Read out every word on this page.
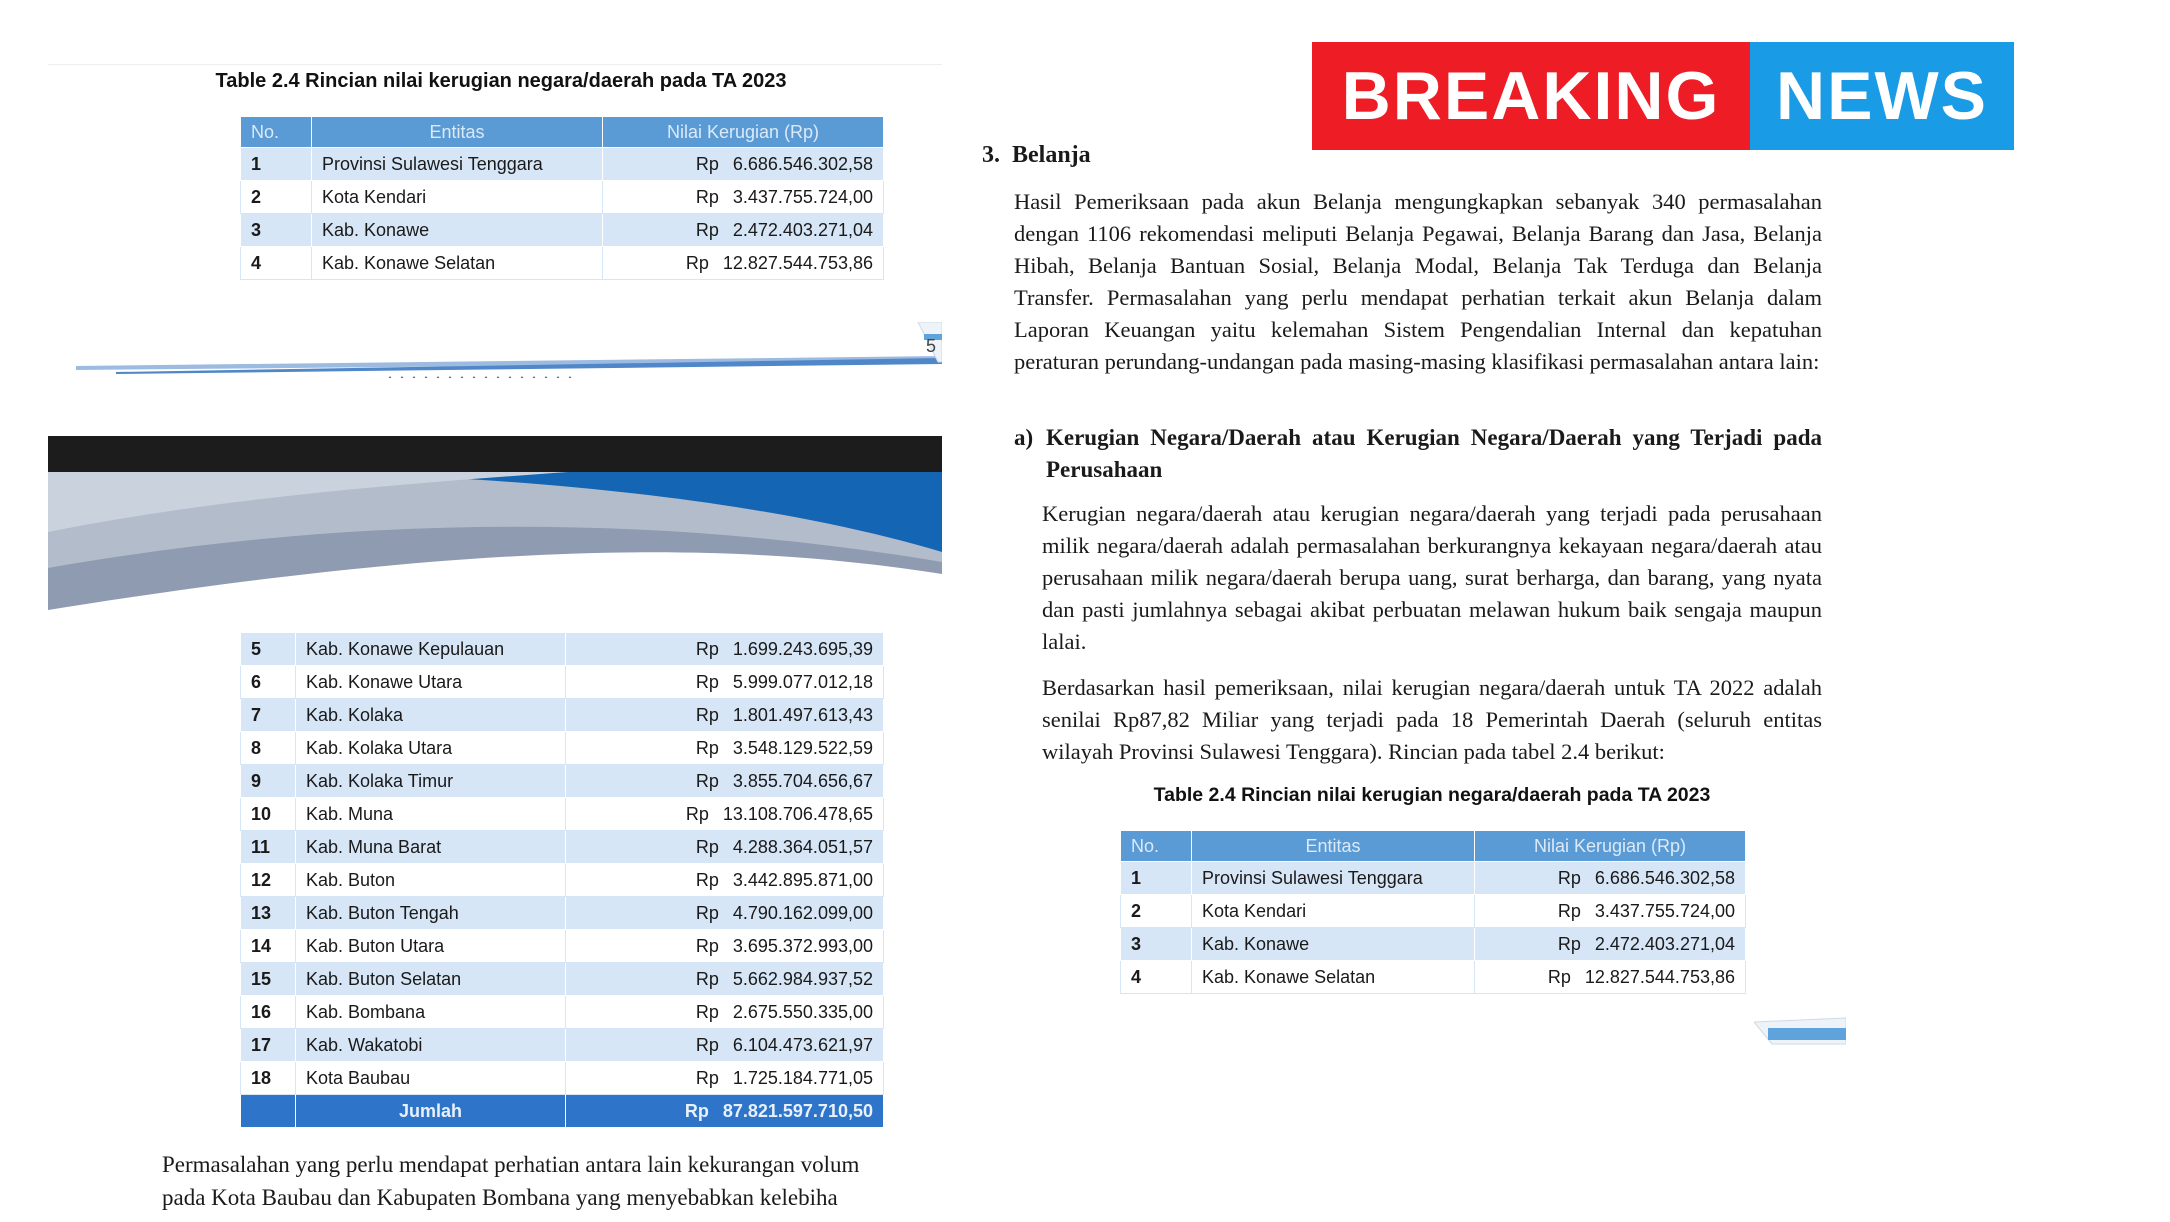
Table 2.4 Rincian nilai kerugian negara/daerah pada TA 2023
No.	Entitas	Nilai Kerugian (Rp)
1	Provinsi Sulawesi Tenggara	Rp 6.686.546.302,58
2	Kota Kendari	Rp 3.437.755.724,00
3	Kab. Konawe	Rp 2.472.403.271,04
4	Kab. Konawe Selatan	Rp 12.827.544.753,86
5
5	Kab. Konawe Kepulauan	Rp 1.699.243.695,39
6	Kab. Konawe Utara	Rp 5.999.077.012,18
7	Kab. Kolaka	Rp 1.801.497.613,43
8	Kab. Kolaka Utara	Rp 3.548.129.522,59
9	Kab. Kolaka Timur	Rp 3.855.704.656,67
10	Kab. Muna	Rp 13.108.706.478,65
11	Kab. Muna Barat	Rp 4.288.364.051,57
12	Kab. Buton	Rp 3.442.895.871,00
13	Kab. Buton Tengah	Rp 4.790.162.099,00
14	Kab. Buton Utara	Rp 3.695.372.993,00
15	Kab. Buton Selatan	Rp 5.662.984.937,52
16	Kab. Bombana	Rp 2.675.550.335,00
17	Kab. Wakatobi	Rp 6.104.473.621,97
18	Kota Baubau	Rp 1.725.184.771,05
	Jumlah	Rp 87.821.597.710,50
Permasalahan yang perlu mendapat perhatian antara lain kekurangan volum
pada Kota Baubau dan Kabupaten Bombana yang menyebabkan kelebiha
BREAKING NEWS
3. Belanja

Hasil Pemeriksaan pada akun Belanja mengungkapkan sebanyak 340 permasalahan dengan 1106 rekomendasi meliputi Belanja Pegawai, Belanja Barang dan Jasa, Belanja Hibah, Belanja Bantuan Sosial, Belanja Modal, Belanja Tak Terduga dan Belanja Transfer. Permasalahan yang perlu mendapat perhatian terkait akun Belanja dalam Laporan Keuangan yaitu kelemahan Sistem Pengendalian Internal dan kepatuhan peraturan perundang-undangan pada masing-masing klasifikasi permasalahan antara lain:

a) Kerugian Negara/Daerah atau Kerugian Negara/Daerah yang Terjadi pada Perusahaan

Kerugian negara/daerah atau kerugian negara/daerah yang terjadi pada perusahaan milik negara/daerah adalah permasalahan berkurangnya kekayaan negara/daerah atau perusahaan milik negara/daerah berupa uang, surat berharga, dan barang, yang nyata dan pasti jumlahnya sebagai akibat perbuatan melawan hukum baik sengaja maupun lalai.

Berdasarkan hasil pemeriksaan, nilai kerugian negara/daerah untuk TA 2022 adalah senilai Rp87,82 Miliar yang terjadi pada 18 Pemerintah Daerah (seluruh entitas wilayah Provinsi Sulawesi Tenggara). Rincian pada tabel 2.4 berikut:

Table 2.4 Rincian nilai kerugian negara/daerah pada TA 2023
No.	Entitas	Nilai Kerugian (Rp)
1	Provinsi Sulawesi Tenggara	Rp 6.686.546.302,58
2	Kota Kendari	Rp 3.437.755.724,00
3	Kab. Konawe	Rp 2.472.403.271,04
4	Kab. Konawe Selatan	Rp 12.827.544.753,86
